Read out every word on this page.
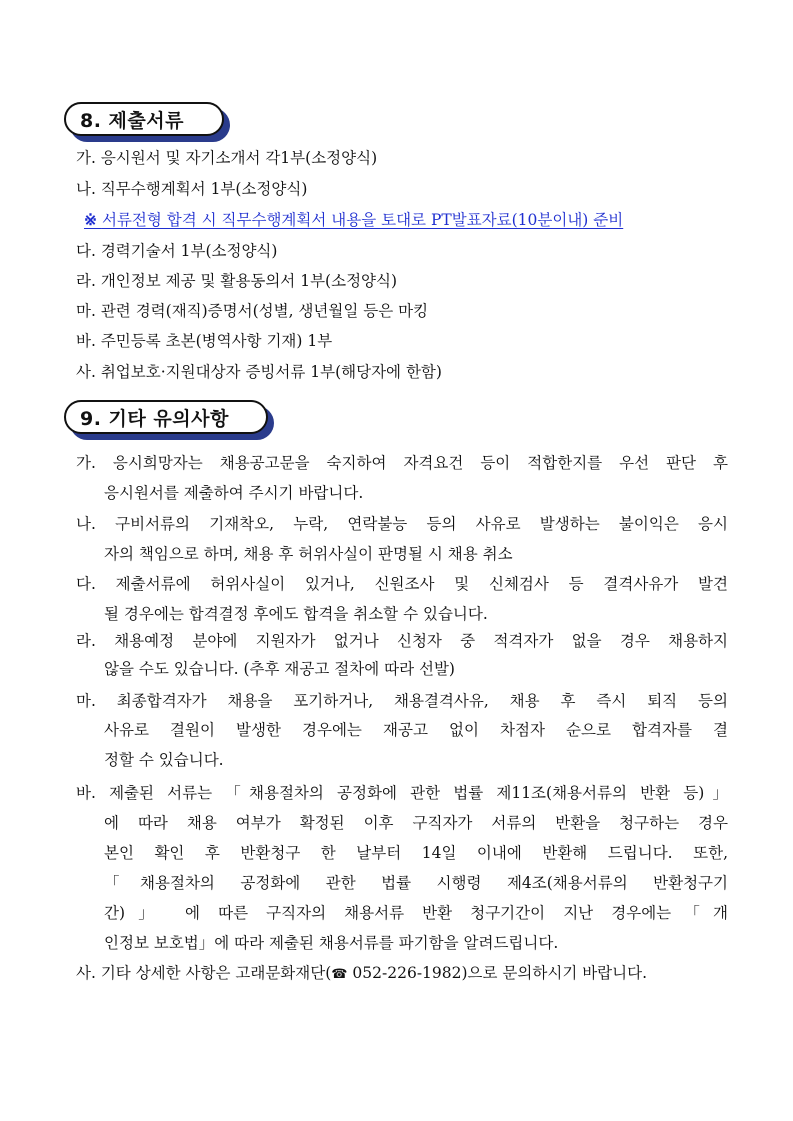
8. 제출서류
가. 응시원서 및 자기소개서 각1부(소정양식)
나. 직무수행계획서 1부(소정양식)
※ 서류전형 합격 시 직무수행계획서 내용을 토대로 PT발표자료(10분이내) 준비
다. 경력기술서 1부(소정양식)
라. 개인정보 제공 및 활용동의서 1부(소정양식)
마. 관련 경력(재직)증명서(성별, 생년월일 등은 마킹
바. 주민등록 초본(병역사항 기재) 1부
사. 취업보호·지원대상자 증빙서류 1부(해당자에 한함)
9. 기타 유의사항
가. 응시희망자는 채용공고문을 숙지하여 자격요건 등이 적합한지를 우선 판단 후
응시원서를 제출하여 주시기 바랍니다.
나. 구비서류의 기재착오, 누락, 연락불능 등의 사유로 발생하는 불이익은 응시
자의 책임으로 하며, 채용 후 허위사실이 판명될 시 채용 취소
다. 제출서류에 허위사실이 있거나, 신원조사 및 신체검사 등 결격사유가 발견
될 경우에는 합격결정 후에도 합격을 취소할 수 있습니다.
라. 채용예정 분야에 지원자가 없거나 신청자 중 적격자가 없을 경우 채용하지
않을 수도 있습니다. (추후 재공고 절차에 따라 선발)
마. 최종합격자가 채용을 포기하거나, 채용결격사유, 채용 후 즉시 퇴직 등의
사유로 결원이 발생한 경우에는 재공고 없이 차점자 순으로 합격자를 결
정할 수 있습니다.
바. 제출된 서류는 「채용절차의 공정화에 관한 법률 제11조(채용서류의 반환 등)」
에 따라 채용 여부가 확정된 이후 구직자가 서류의 반환을 청구하는 경우
본인 확인 후 반환청구 한 날부터 14일 이내에 반환해 드립니다. 또한,
「채용절차의 공정화에 관한 법률 시행령 제4조(채용서류의 반환청구기
간)」 에 따른 구직자의 채용서류 반환 청구기간이 지난 경우에는「개
인정보 보호법」에 따라 제출된 채용서류를 파기함을 알려드립니다.
사. 기타 상세한 사항은 고래문화재단(☎ 052-226-1982)으로 문의하시기 바랍니다.
